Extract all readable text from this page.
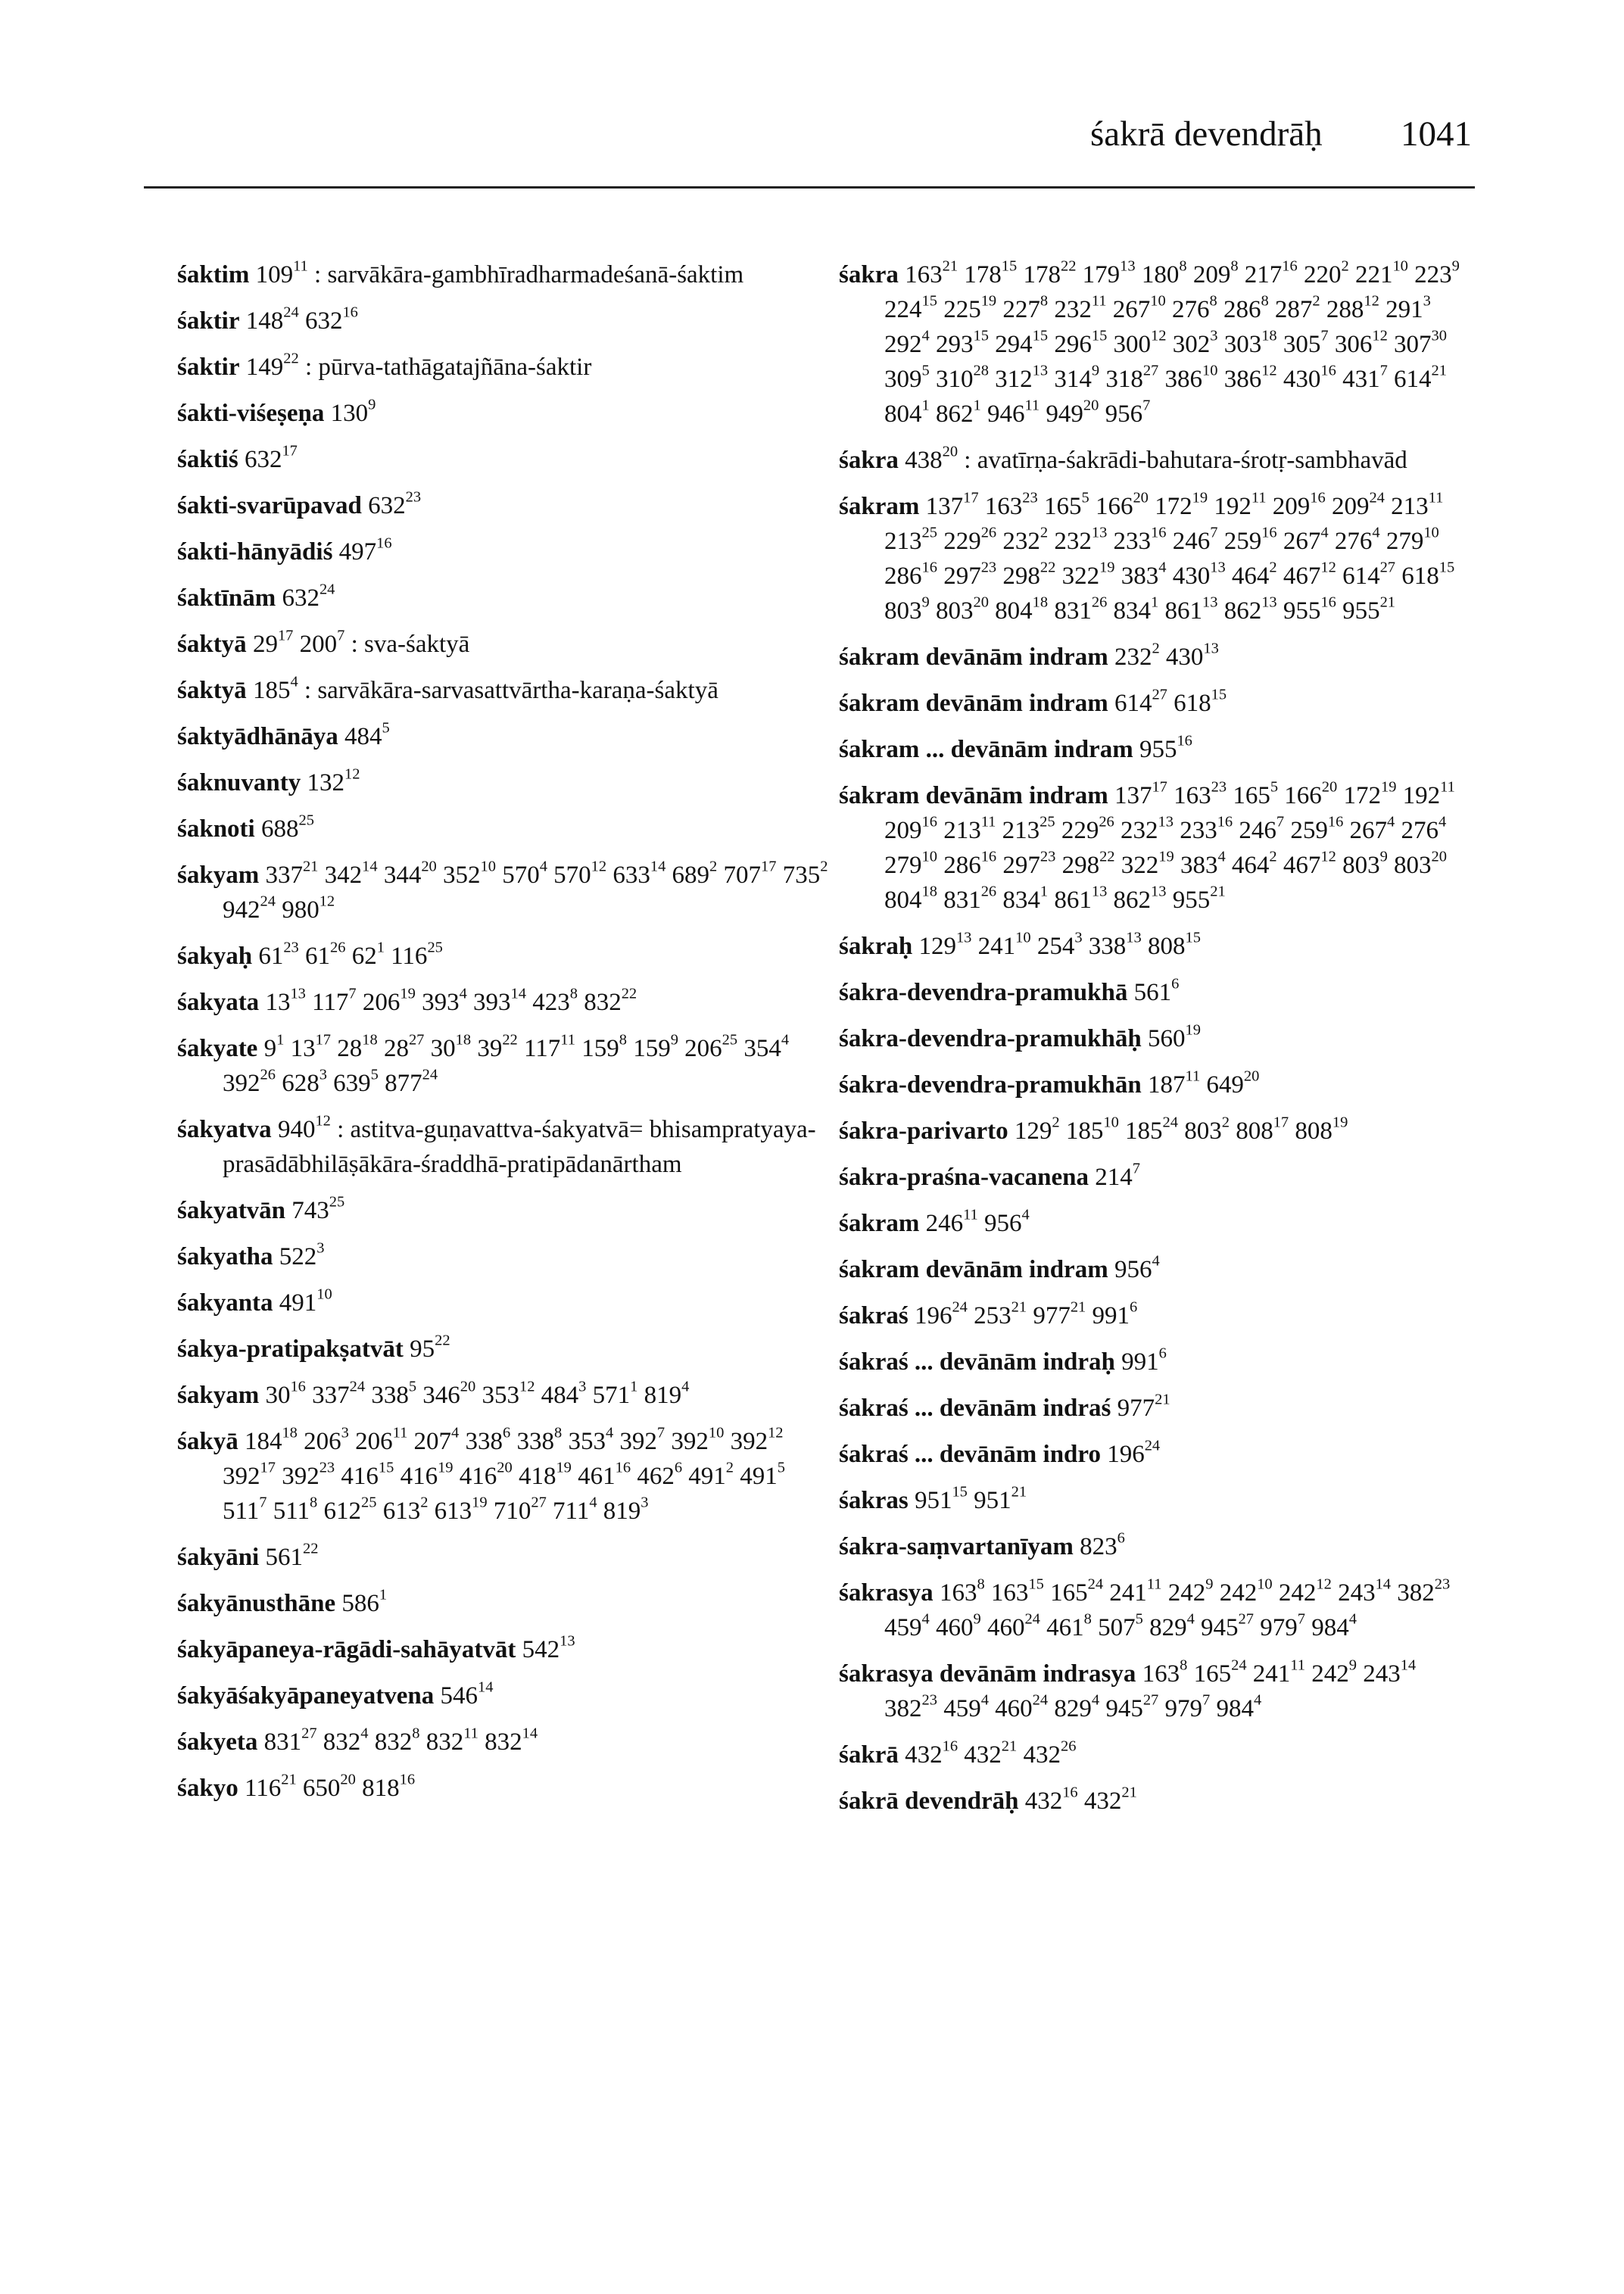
śakrā devendrāḥ 1041
śaktim $109^{11}$ : sarvākāra-gambhīradharmadeśanā-śaktim
śaktir $148^{24}$ $632^{16}$
śaktir $149^{22}$ : pūrva-tathāgatajñāna-śaktir
śakti-viśeṣeṇa $130^9$
śaktiś $632^{17}$
śakti-svarūpavad $632^{23}$
śakti-hānyādiś $497^{16}$
śaktīnām $632^{24}$
śaktyā $29^{17}$ $200^7$ : sva-śaktyā
śaktyā $185^4$ : sarvākāra-sarvasattvārtha-karaṇa-śaktyā
śaktyādhānāya $484^5$
śaknuvanty $132^{12}$
śaknoti $688^{25}$
śakyam $337^{21}$ $342^{14}$ $344^{20}$ $352^{10}$ $570^4$ $570^{12}$ $633^{14}$ $689^2$ $707^{17}$ $735^2$ $942^{24}$ $980^{12}$
śakyaḥ $61^{23}$ $61^{26}$ $62^1$ $116^{25}$
śakyata $13^{13}$ $117^7$ $206^{19}$ $393^4$ $393^{14}$ $423^8$ $832^{22}$
śakyate $9^1$ $13^{17}$ $28^{18}$ $28^{27}$ $30^{18}$ $39^{22}$ $117^{11}$ $159^8$ $159^9$ $206^{25}$ $354^4$ $392^{26}$ $628^3$ $639^5$ $877^{24}$
śakyatva $940^{12}$ : astitva-guṇavattva-śakyatvā= bhisampratyaya-prasādābhilāṣākāra-śraddhā-pratipādanārtham
śakyatvān $743^{25}$
śakyatha $522^3$
śakyanta $491^{10}$
śakya-pratipakṣatvāt $95^{22}$
śakyam $30^{16}$ $337^{24}$ $338^5$ $346^{20}$ $353^{12}$ $484^3$ $571^1$ $819^4$
śakyā $184^{18}$ $206^3$ $206^{11}$ $207^4$ $338^6$ $338^8$ $353^4$ $392^7$ $392^{10}$ $392^{12}$ $392^{17}$ $392^{23}$ $416^{15}$ $416^{19}$ $416^{20}$ $418^{19}$ $461^{16}$ $462^6$ $491^2$ $491^5$ $511^7$ $511^8$ $612^{25}$ $613^2$ $613^{19}$ $710^{27}$ $711^4$ $819^3$
śakyāni $561^{22}$
śakyānusthāne $586^1$
śakyāpaneya-rāgādi-sahāyatvāt $542^{13}$
śakyāśakyāpaneyatvena $546^{14}$
śakyeta $831^{27}$ $832^4$ $832^8$ $832^{11}$ $832^{14}$
śakyo $116^{21}$ $650^{20}$ $818^{16}$
śakra $163^{21}$ $178^{15}$ $178^{22}$ $179^{13}$ $180^8$ $209^8$ $217^{16}$ $220^2$ $221^{10}$ $223^9$ $224^{15}$ $225^{19}$ $227^8$ $232^{11}$ $267^{10}$ $276^8$ $286^8$ $287^2$ $288^{12}$ $291^3$ $292^4$ $293^{15}$ $294^{15}$ $296^{15}$ $300^{12}$ $302^3$ $303^{18}$ $305^7$ $306^{12}$ $307^{30}$ $309^5$ $310^{28}$ $312^{13}$ $314^9$ $318^{27}$ $386^{10}$ $386^{12}$ $430^{16}$ $431^7$ $614^{21}$ $804^1$ $862^1$ $946^{11}$ $949^{20}$ $956^7$
śakra $438^{20}$ : avatīrṇa-śakrādi-bahutara-śrotṛ-sambhavād
śakram $137^{17}$ $163^{23}$ $165^5$ $166^{20}$ $172^{19}$ $192^{11}$ $209^{16}$ $209^{24}$ $213^{11}$ $213^{25}$ $229^{26}$ $232^2$ $232^{13}$ $233^{16}$ $246^7$ $259^{16}$ $267^4$ $276^4$ $279^{10}$ $286^{16}$ $297^{23}$ $298^{22}$ $322^{19}$ $383^4$ $430^{13}$ $464^2$ $467^{12}$ $614^{27}$ $618^{15}$ $803^9$ $803^{20}$ $804^{18}$ $831^{26}$ $834^1$ $861^{13}$ $862^{13}$ $955^{16}$ $955^{21}$
śakram devānām indram $232^2$ $430^{13}$
śakram devānām indram $614^{27}$ $618^{15}$
śakram ... devānām indram $955^{16}$
śakram devānām indram $137^{17}$ $163^{23}$ $165^5$ $166^{20}$ $172^{19}$ $192^{11}$ $209^{16}$ $213^{11}$ $213^{25}$ $229^{26}$ $232^{13}$ $233^{16}$ $246^7$ $259^{16}$ $267^4$ $276^4$ $279^{10}$ $286^{16}$ $297^{23}$ $298^{22}$ $322^{19}$ $383^4$ $464^2$ $467^{12}$ $803^9$ $803^{20}$ $804^{18}$ $831^{26}$ $834^1$ $861^{13}$ $862^{13}$ $955^{21}$
śakraḥ $129^{13}$ $241^{10}$ $254^3$ $338^{13}$ $808^{15}$
śakra-devendra-pramukhā $561^6$
śakra-devendra-pramukhāḥ $560^{19}$
śakra-devendra-pramukhān $187^{11}$ $649^{20}$
śakra-parivarto $129^2$ $185^{10}$ $185^{24}$ $803^2$ $808^{17}$ $808^{19}$
śakra-praśna-vacanena $214^7$
śakram $246^{11}$ $956^4$
śakram devānām indram $956^4$
śakraś $196^{24}$ $253^{21}$ $977^{21}$ $991^6$
śakraś ... devānām indraḥ $991^6$
śakraś ... devānām indraś $977^{21}$
śakraś ... devānām indro $196^{24}$
śakras $951^{15}$ $951^{21}$
śakra-saṃvartanīyam $823^6$
śakrasya $163^8$ $163^{15}$ $165^{24}$ $241^{11}$ $242^9$ $242^{10}$ $242^{12}$ $243^{14}$ $382^{23}$ $459^4$ $460^9$ $460^{24}$ $461^8$ $507^5$ $829^4$ $945^{27}$ $979^7$ $984^4$
śakrasya devānām indrasya $163^8$ $165^{24}$ $241^{11}$ $242^9$ $243^{14}$ $382^{23}$ $459^4$ $460^{24}$ $829^4$ $945^{27}$ $979^7$ $984^4$
śakrā $432^{16}$ $432^{21}$ $432^{26}$
śakrā devendrāḥ $432^{16}$ $432^{21}$
